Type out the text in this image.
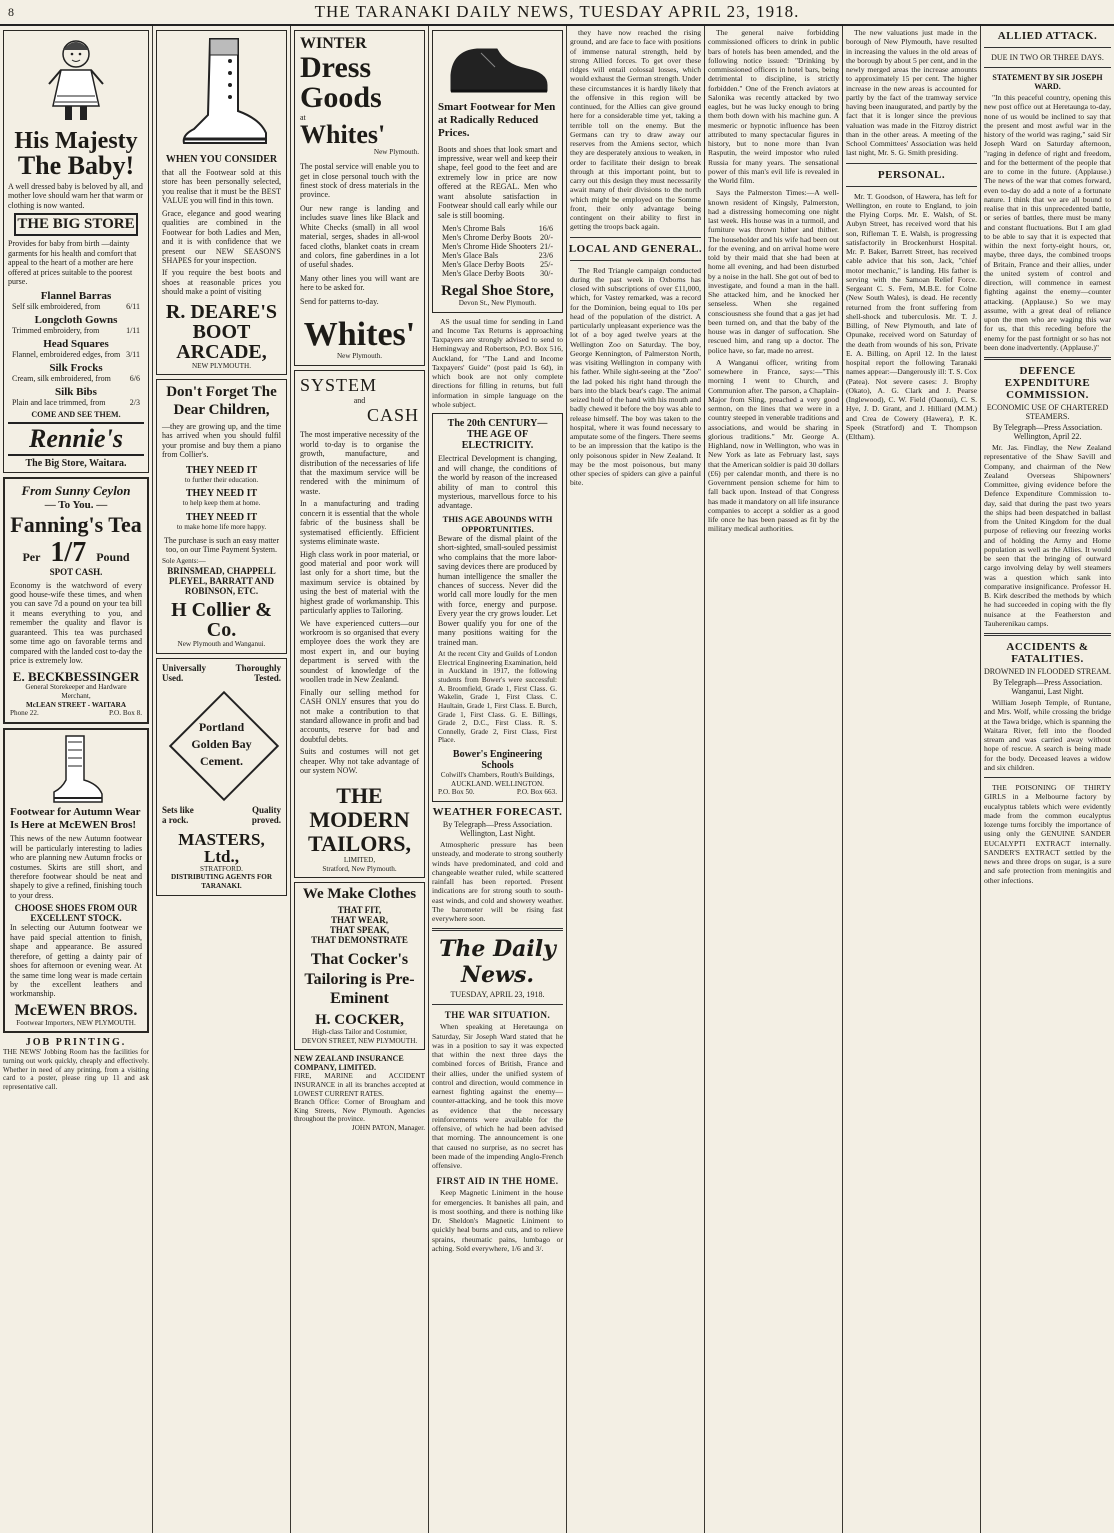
8	THE TARANAKI DAILY NEWS, TUESDAY APRIL 23, 1918.
His Majesty
The Baby!
A well dressed baby is beloved by all, and mother love should warn her that warm or clothing is now wanted.
THE BIG STORE
Provides for baby from birth —dainty garments for his health and comfort that appeal to the heart of a mother are here offered at prices suitable to the poorest purse.
Flannel Barras
Self silk embroidered, from	6/11
Longcloth Gowns
Trimmed embroidery, from	1/11
Head Squares
Flannel, embroidered edges, from 3/11
Silk Frocks
Cream, silk embroidered, from 6/6
Silk Bibs
Plain and lace trimmed, from	2/3
COME AND SEE THEM.
Rennie's
The Big Store, Waitara.
From Sunny Ceylon
— To You. —
Fanning's Tea
Per 1/7 Pound
SPOT CASH.
Economy is the watchword of every good house-wife these times, and when you can save 7d a pound on your tea bill it means everything to you, and remember the quality and flavor is guaranteed. This tea was purchased some time ago on favorable terms and compared with the landed cost to-day the price is extremely low.
E. BECKBESSINGER
General Storekeeper and Hardware Merchant,
McLEAN STREET - WAITARA
Phone 22.	P.O. Box 8.
Footwear for Autumn Wear Is Here at McEWEN Bros!
This news of the new Autumn footwear will be particularly interesting to ladies who are planning new Autumn frocks or costumes. Skirts are still short, and therefore footwear should be neat and shapely to give a refined, finishing touch to your dress.
CHOOSE SHOES FROM OUR EXCELLENT STOCK.
In selecting our Autumn footwear we have paid special attention to finish, shape and appearance. Be assured therefore, of getting a dainty pair of shoes for afternoon or evening wear. At the same time long wear is made certain by the excellent leathers and workmanship.
McEWEN BROS.
Footwear Importers, NEW PLYMOUTH.
JOB PRINTING.
THE NEWS' Jobbing Room has the facilities for turning out work quickly, cheaply and effectively. Whether in need of any printing, from a visiting card to a poster, please ring up 11 and ask representative call.
WHEN YOU CONSIDER
that all the Footwear sold at this store has been personally selected, you realise that it must be the BEST VALUE you will find in this town.
Grace, elegance and good wearing qualities are combined in the Footwear for both Ladies and Men, and it is with confidence that we present our NEW SEASON'S SHAPES for your inspection.
If you require the best boots and shoes at reasonable prices you should make a point of visiting
R. DEARE'S BOOT ARCADE,
NEW PLYMOUTH.
Don't Forget The Dear Children,
—they are growing up, and the time has arrived when you should fulfil your promise and buy them a piano from Collier's.
THEY NEED IT
to further their education.
THEY NEED IT
to help keep them at home.
THEY NEED IT
to make home life more happy.
The purchase is such an easy matter too, on our Time Payment System.
Sole Agents:—
BRINSMEAD, CHAPPELL PLEYEL, BARRATT AND ROBINSON, ETC.
H Collier & Co.
New Plymouth and Wanganui.
Universally	Thoroughly
Used.	Tested.
Portland
Golden Bay
Cement.
Sets like	Quality
a rock.	proved.
MASTERS, Ltd.,
STRATFORD.
DISTRIBUTING AGENTS FOR TARANAKI.
WINTER
Dress
Goods
at
Whites'
New Plymouth.
The postal service will enable you to get in close personal touch with the finest stock of dress materials in the province.
Our new range is landing and includes suave lines like Black and White Checks (small) in all wool material, serges, shades in all-wool faced cloths, blanket coats in cream and colors, fine gaberdines in a lot of useful shades.
Many other lines you will want are here to be asked for.
Send for patterns to-day.
Whites'
New Plymouth.
SYSTEM
and
CASH
The most imperative necessity of the world to-day is to organise the growth, manufacture, and distribution of the necessaries of life that the maximum service will be rendered with the minimum of waste.
In a manufacturing and trading concern it is essential that the whole fabric of the business shall be systematised efficiently. Efficient systems eliminate waste.
High class work in poor material, or good material and poor work will last only for a short time, but the maximum service is obtained by using the best of material with the highest grade of workmanship. This particularly applies to Tailoring.
We have experienced cutters—our workroom is so organised that every employee does the work they are most expert in, and our buying department is served with the soundest of knowledge of the woollen trade in New Zealand.
Finally our selling method for CASH ONLY ensures that you do not make a contribution to that standard allowance in profit and bad accounts, reserve for bad and doubtful debts.
Suits and costumes will not get cheaper. Why not take advantage of our system NOW.
THE MODERN TAILORS,
LIMITED,
Stratford, New Plymouth.
We Make Clothes
THAT FIT,
THAT WEAR,
THAT SPEAK,
THAT DEMONSTRATE
That Cocker's Tailoring is Pre-Eminent
H. COCKER,
High-class Tailor and Costumier, DEVON STREET, NEW PLYMOUTH.
NEW ZEALAND INSURANCE COMPANY, LIMITED.
FIRE, MARINE and ACCIDENT INSURANCE in all its branches accepted at LOWEST CURRENT RATES.
Branch Office: Corner of Brougham and King Streets, New Plymouth. Agencies throughout the province.
JOHN PATON, Manager.
Smart Footwear for Men at Radically Reduced Prices.
Boots and shoes that look smart and impressive, wear well and keep their shape, feel good to the feet and are extremely low in price are now offered at the REGAL. Men who want absolute satisfaction in Footwear should call early while our sale is still booming.
Men's Chrome Bals	16/6
Men's Chrome Derby Boots 20/-
Men's Chrome Hide Shooters 21/-
Men's Glace Bals	23/6
Men's Glace Derby Boots 25/-
Men's Glace Derby Boots 30/-
Regal Shoe Store,
Devon St., New Plymouth.

AS the usual time for sending in Land and Income Tax Returns is approaching Taxpayers are strongly advised to send to Hemingway and Robertson, P.O. Box 516, Auckland, for "The Land and Income Taxpayers' Guide" (post paid 1s 6d), in which book are not only complete directions for filling in returns, but full information in simple language on the whole subject.

The 20th CENTURY—THE AGE OF ELECTRICITY.
Electrical Development is changing, and will change, the conditions of the world by reason of the increased ability of man to control this mysterious, marvellous force to his advantage.
THIS AGE ABOUNDS WITH OPPORTUNITIES.
Beware of the dismal plaint of the short-sighted, small-souled pessimist who complains that the more labor-saving devices there are produced by human intelligence the smaller the chances of success. Never did the world call more loudly for the men with force, energy and purpose. Every year the cry grows louder. Let Bower qualify you for one of the many positions waiting for the trained man.
At the recent City and Guilds of London Electrical Engineering Examination, held in Auckland in 1917, the following students from Bower's were successful: A. Broomfield, Grade 1, First Class. G. Wakelin, Grade 1, First Class. C. Haultain, Grade 1, First Class. E. Burch, Grade 1, First Class. G. E. Billings, Grade 2, D.C., First Class. R. S. Connelly, Grade 2, First Class, First Place.
Bower's Engineering Schools
Colwill's Chambers, Routh's Buildings, AUCKLAND. WELLINGTON.
P.O. Box 50.	P.O. Box 663.
WEATHER FORECAST.
By Telegraph—Press Association. Wellington, Last Night.

Atmospheric pressure has been unsteady, and moderate to strong southerly winds have predominated, and cold and changeable weather ruled, while scattered rainfall has been reported. Present indications are for strong south to south-east winds, and cold and showery weather. The barometer will be rising fast everywhere soon.

The Daily News.
TUESDAY, APRIL 23, 1918.
THE WAR SITUATION.

When speaking at Heretaunga on Saturday, Sir Joseph Ward stated that he was in a position to say it was expected that within the next three days the combined forces of British, France and their allies, under the unified system of control and direction, would commence in earnest fighting against the enemy—counter-attacking, and he took this move as evidence that the necessary reinforcements were available for the offensive, of which he had been advised that morning. The announcement is one that caused no surprise, as no secret has been made of the impending Anglo-French offensive.

FIRST AID IN THE HOME.

Keep Magnetic Liniment in the house for emergencies. It banishes all pain, and is most soothing, and there is nothing like Dr. Sheldon's Magnetic Liniment to quickly heal burns and cuts, and to relieve sprains, rheumatic pains, lumbago or aching. Sold everywhere, 1/6 and 3/.

they have now reached the rising ground, and are face to face with positions of immense natural strength, held by strong Allied forces. To get over these ridges will entail colossal losses, which would exhaust the German strength. Under these circumstances it is hardly likely that the offensive in this region will be continued, for the Allies can give ground here for a considerable time yet, taking a terrible toll on the enemy. But the Germans can try to draw away our reserves from the Amiens sector, which they are desperately anxious to weaken, in order to facilitate their design to break through at this important point, but to carry out this design they must necessarily await many of their divisions to the north which might be employed on the Somme front, their only advantage being contingent on their ability to first in getting the troops back again.

LOCAL AND GENERAL.

The Red Triangle campaign conducted during the past week in Oxborns has closed with subscriptions of over £11,000, which, for Vastey remarked, was a record for the Dominion, being equal to 10s per head of the population of the district. A particularly unpleasant experience was the lot of a boy aged twelve years at the Wellington Zoo on Saturday. The boy, George Kennington, of Palmerston North, was visiting Wellington in company with his father. While sight-seeing at the "Zoo" the lad poked his right hand through the bars into the black bear's cage. The animal seized hold of the hand with his mouth and badly chewed it before the boy was able to release himself. The boy was taken to the hospital, where it was found necessary to amputate some of the fingers. There seems to be an impression that the katipo is the only poisonous spider in New Zealand. It may be the most poisonous, but many other species of spiders can give a painful bite.

The general naive forbidding commissioned officers to drink in public bars of hotels has been amended, and the following notice issued: "Drinking by commissioned officers in hotel bars, being detrimental to discipline, is strictly forbidden." One of the French aviators at Salonika was recently attacked by two eagles, but he was lucky enough to bring them both down with his machine gun. A mesmeric or hypnotic influence has been attributed to many spectacular figures in history, but to none more than Ivan Rasputin, the weird impostor who ruled Russia for many years. The sensational power of this man's evil life is revealed in the World film.

Says the Palmerston Times:—A well-known resident of Kingsly, Palmerston, had a distressing homecoming one night last week. His house was in a turmoil, and furniture was thrown hither and thither. The householder and his wife had been out for the evening, and on arrival home were told by their maid that she had been at home all evening, and had been disturbed by a noise in the hall. She got out of bed to investigate, and found a man in the hall. She attacked him, and he knocked her senseless. When she regained consciousness she found that a gas jet had been turned on, and that the baby of the house was in danger of suffocation. She rescued him, and rang up a doctor. The police have, so far, made no arrest.

A Wanganui officer, writing from somewhere in France, says:—"This morning I went to Church, and Communion after. The parson, a Chaplain-Major from Sling, preached a very good sermon, on the lines that we were in a country steeped in venerable traditions and associations, and would be sharing in glorious traditions." Mr. George A. Highland, now in Wellington, who was in New York as late as February last, says that the American soldier is paid 30 dollars (£6) per calendar month, and there is no Government pension scheme for him to fall back upon. Instead of that Congress has made it mandatory on all life insurance companies to accept a soldier as a good life once he has been passed as fit by the military medical authorities.

The new valuations just made in the borough of New Plymouth, have resulted in increasing the values in the old areas of the borough by about 5 per cent, and in the newly merged areas the increase amounts to approximately 15 per cent. The higher increase in the new areas is accounted for partly by the fact of the tramway service having been inaugurated, and partly by the fact that it is longer since the previous valuation was made in the Fitzroy district than in the other areas. A meeting of the School Committees' Association was held last night, Mr. S. G. Smith presiding.

PERSONAL.

Mr. T. Goodson, of Hawera, has left for Wellington, en route to England, to join the Flying Corps. Mr. E. Walsh, of St. Aubyn Street, has received word that his son, Rifleman T. E. Walsh, is progressing satisfactorily in Brockenhurst Hospital. Mr. P. Baker, Barrett Street, has received cable advice that his son, Jack, "chief motor mechanic," is landing. His father is serving with the Samoan Relief Force. Sergeant C. S. Fern, M.B.E. for Colne (New South Wales), is dead. He recently returned from the front suffering from shell-shock and tuberculosis. Mr. T. J. Billing, of New Plymouth, and late of Opunake, received word on Saturday of the death from wounds of his son, Private E. A. Billing, on April 12. In the latest hospital report the following Taranaki names appear:—Dangerously ill: T. S. Cox (Patea). Not severe cases: J. Brophy (Okato), A. G. Clark and J. Pearse (Inglewood), C. W. Field (Oaonui), C. S. Hye, J. D. Grant, and J. Hilliard (M.M.) and Crea de Cowery (Hawera), P. K. Speek (Stratford) and T. Thompson (Eltham).

ALLIED ATTACK.
DUE IN TWO OR THREE DAYS.
STATEMENT BY SIR JOSEPH WARD.

"In this peaceful country, opening this new post office out at Heretaunga to-day, none of us would be inclined to say that the present and most awful war in the history of the world was raging," said Sir Joseph Ward on Saturday afternoon, "raging in defence of right and freedom, and for the betterment of the people that are to come in the future. (Applause.) The news of the war that comes forward, even to-day do add a note of a fortunate nature. I think that we are all bound to realise that in this unprecedented battle, or series of battles, there must be many and constant fluctuations. But I am glad to be able to say that it is expected that within the next forty-eight hours, or, maybe, three days, the combined troops of Britain, France and their allies, under the united system of control and direction, will commence in earnest fighting against the enemy—counter attacking. (Applause.) So we may assume, with a great deal of reliance upon the men who are waging this war for us, that this receding before the enemy for the past fortnight or so has not been done inadvertently. (Applause.)"

DEFENCE EXPENDITURE COMMISSION.
ECONOMIC USE OF CHARTERED STEAMERS.
By Telegraph—Press Association. Wellington, April 22.

Mr. Jas. Findlay, the New Zealand representative of the Shaw Savill and Company, and chairman of the New Zealand Overseas Shipowners' Committee, giving evidence before the Defence Expenditure Commission to-day, said that during the past two years the ships had been despatched in ballast from the United Kingdom for the dual purpose of relieving our freezing works and of holding the Army and Home population as well as the Allies. It would be seen that the bringing of outward cargo involving delay by well steamers was a question which sank into comparative insignificance. Professor H. B. Kirk described the methods by which he had succeeded in coping with the fly nuisance at the Featherston and Tauherenikau camps.

ACCIDENTS & FATALITIES.
DROWNED IN FLOODED STREAM.
By Telegraph—Press Association. Wanganui, Last Night.

William Joseph Temple, of Runtane, and Mrs. Wolf, while crossing the bridge at the Tawa bridge, which is spanning the Waitara River, fell into the flooded stream and was carried away without hope of rescue. A search is being made for the body. Deceased leaves a widow and six children.

THE POISONING OF THIRTY GIRLS in a Melbourne factory by eucalyptus tablets which were evidently made from the common eucalyptus lozenge turns forcibly the importance of using only the GENUINE SANDER EUCALYPTI EXTRACT internally. SANDER'S EXTRACT settled by the news and three drops on sugar, is a sure and safe protection from meningitis and other infections.
